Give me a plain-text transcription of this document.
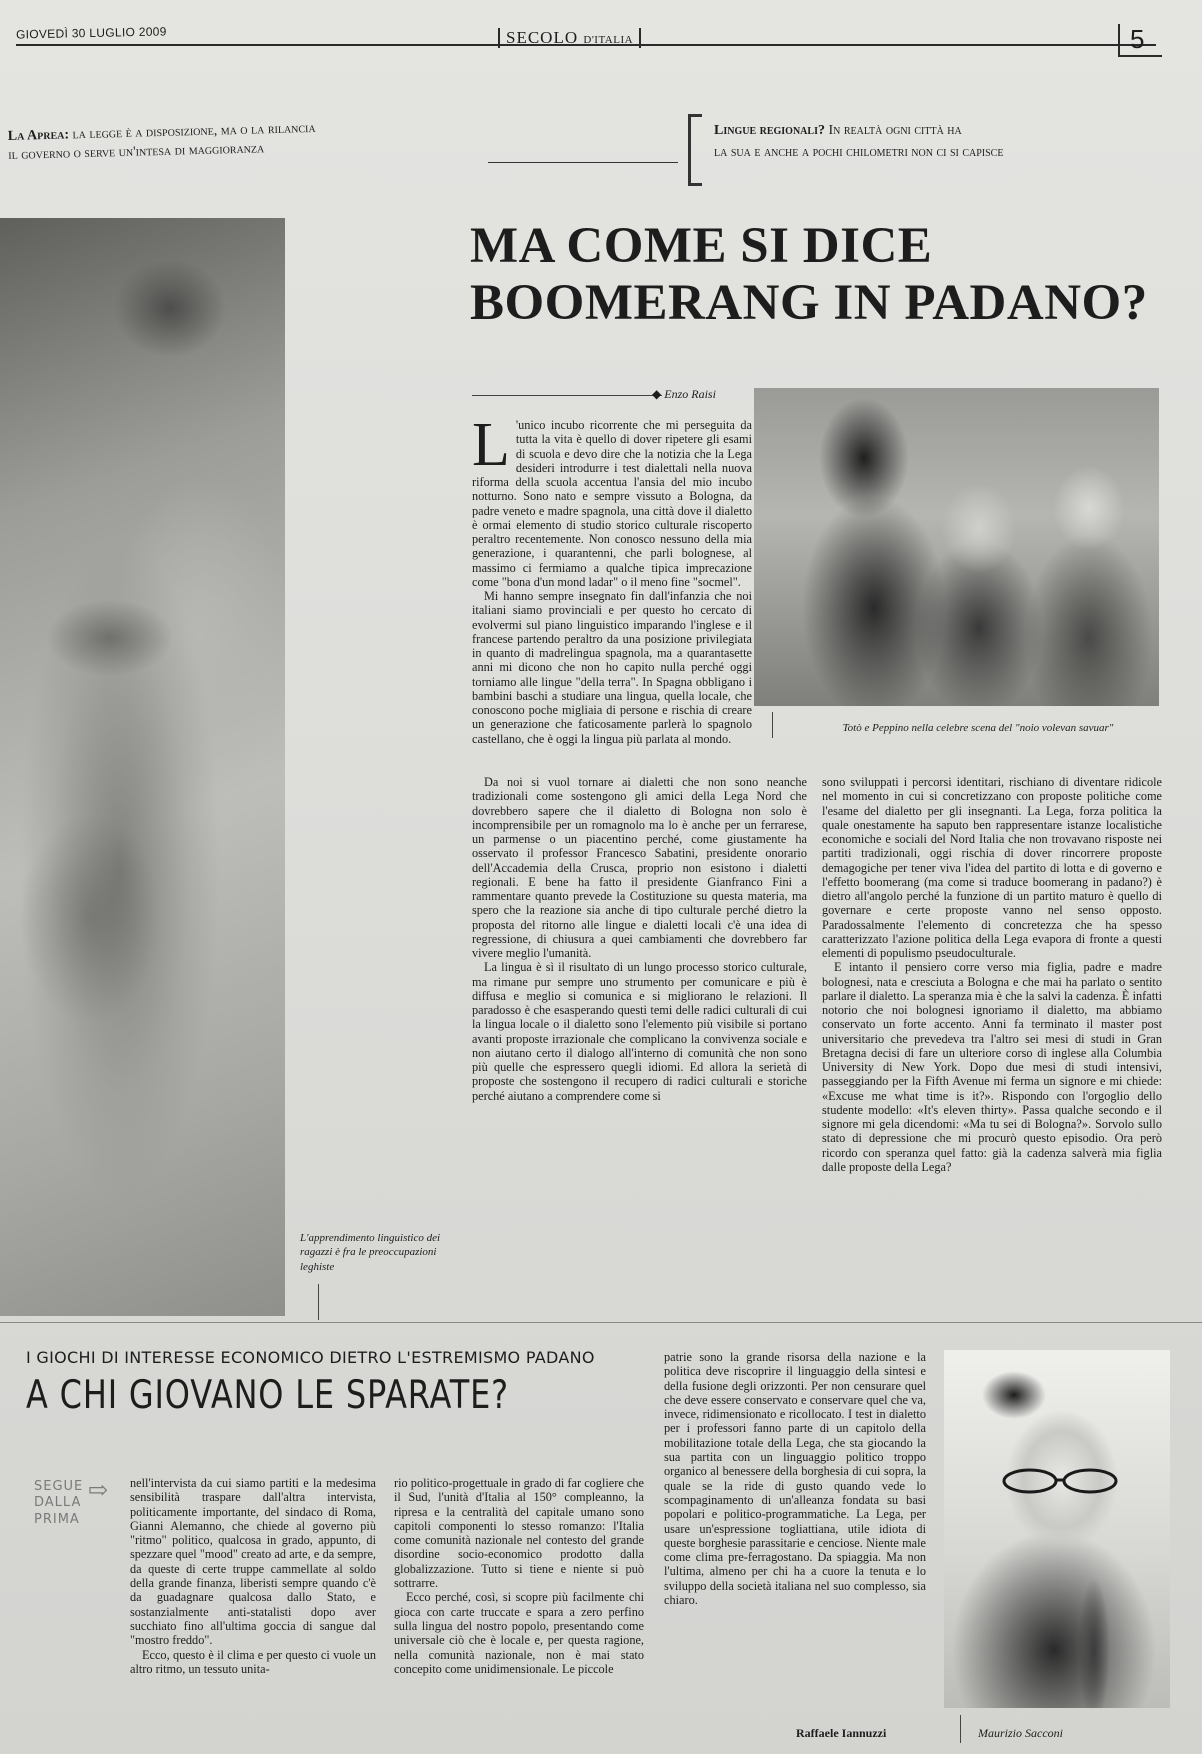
GIOVEDÌ 30 LUGLIO 2009	SECOLO D'ITALIA	5
La Aprea: la legge è a disposizione, ma o la rilancia
il governo o serve un'intesa di maggioranza
Lingue regionali? In realtà ogni città ha
la sua e anche a pochi chilometri non ci si capisce
L'apprendimento linguistico dei ragazzi è fra le preoccupazioni leghiste
MA COME SI DICE
BOOMERANG IN PADANO?
◆ Enzo Raisi

L 'unico incubo ricorrente che mi perseguita da tutta la vita è quello di dover ripetere gli esami di scuola e devo dire che la notizia che la Lega desideri introdurre i test dialettali nella nuova riforma della scuola accentua l'ansia del mio incubo notturno. Sono nato e sempre vissuto a Bologna, da padre veneto e madre spagnola, una città dove il dialetto è ormai elemento di studio storico culturale riscoperto peraltro recentemente. Non conosco nessuno della mia generazione, i quarantenni, che parli bolognese, al massimo ci fermiamo a qualche tipica imprecazione come "bona d'un mond ladar" o il meno fine "socmel".

Mi hanno sempre insegnato fin dall'infanzia che noi italiani siamo provinciali e per questo ho cercato di evolvermi sul piano linguistico imparando l'inglese e il francese partendo peraltro da una posizione privilegiata in quanto di madrelingua spagnola, ma a quarantasette anni mi dicono che non ho capito nulla perché oggi torniamo alle lingue "della terra". In Spagna obbligano i bambini baschi a studiare una lingua, quella locale, che conoscono poche migliaia di persone e rischia di creare un generazione che faticosamente parlerà lo spagnolo castellano, che è oggi la lingua più parlata al mondo.

Totò e Peppino nella celebre scena del "noio volevan savuar"

Da noi si vuol tornare ai dialetti che non sono neanche tradizionali come sostengono gli amici della Lega Nord che dovrebbero sapere che il dialetto di Bologna non solo è incomprensibile per un romagnolo ma lo è anche per un ferrarese, un parmense o un piacentino perché, come giustamente ha osservato il professor Francesco Sabatini, presidente onorario dell'Accademia della Crusca, proprio non esistono i dialetti regionali. E bene ha fatto il presidente Gianfranco Fini a rammentare quanto prevede la Costituzione su questa materia, ma spero che la reazione sia anche di tipo culturale perché dietro la proposta del ritorno alle lingue e dialetti locali c'è una idea di regressione, di chiusura a quei cambiamenti che dovrebbero far vivere meglio l'umanità.

La lingua è sì il risultato di un lungo processo storico culturale, ma rimane pur sempre uno strumento per comunicare e più è diffusa e meglio si comunica e si migliorano le relazioni. Il paradosso è che esasperando questi temi delle radici culturali di cui la lingua locale o il dialetto sono l'elemento più visibile si portano avanti proposte irrazionale che complicano la convivenza sociale e non aiutano certo il dialogo all'interno di comunità che non sono più quelle che espressero quegli idiomi. Ed allora la serietà di proposte che sostengono il recupero di radici culturali e storiche perché aiutano a comprendere come si

sono sviluppati i percorsi identitari, rischiano di diventare ridicole nel momento in cui si concretizzano con proposte politiche come l'esame del dialetto per gli insegnanti. La Lega, forza politica la quale onestamente ha saputo ben rappresentare istanze localistiche economiche e sociali del Nord Italia che non trovavano risposte nei partiti tradizionali, oggi rischia di dover rincorrere proposte demagogiche per tener viva l'idea del partito di lotta e di governo e l'effetto boomerang (ma come si traduce boomerang in padano?) è dietro all'angolo perché la funzione di un partito maturo è quello di governare e certe proposte vanno nel senso opposto. Paradossalmente l'elemento di concretezza che ha spesso caratterizzato l'azione politica della Lega evapora di fronte a questi elementi di populismo pseudoculturale.

E intanto il pensiero corre verso mia figlia, padre e madre bolognesi, nata e cresciuta a Bologna e che mai ha parlato o sentito parlare il dialetto. La speranza mia è che la salvi la cadenza. È infatti notorio che noi bolognesi ignoriamo il dialetto, ma abbiamo conservato un forte accento. Anni fa terminato il master post universitario che prevedeva tra l'altro sei mesi di studi in Gran Bretagna decisi di fare un ulteriore corso di inglese alla Columbia University di New York. Dopo due mesi di studi intensivi, passeggiando per la Fifth Avenue mi ferma un signore e mi chiede: «Excuse me what time is it?». Rispondo con l'orgoglio dello studente modello: «It's eleven thirty». Passa qualche secondo e il signore mi gela dicendomi: «Ma tu sei di Bologna?». Sorvolo sullo stato di depressione che mi procurò questo episodio. Ora però ricordo con speranza quel fatto: già la cadenza salverà mia figlia dalle proposte della Lega?

I GIOCHI DI INTERESSE ECONOMICO DIETRO L'ESTREMISMO PADANO
A CHI GIOVANO LE SPARATE?
SEGUE
DALLA
PRIMA
⇨ nell'intervista da cui siamo partiti e la medesima sensibilità traspare dall'altra intervista, politicamente importante, del sindaco di Roma, Gianni Alemanno, che chiede al governo più "ritmo" politico, qualcosa in grado, appunto, di spezzare quel "mood" creato ad arte, e da sempre, da queste di certe truppe cammellate al soldo della grande finanza, liberisti sempre quando c'è da guadagnare qualcosa dallo Stato, e sostanzialmente anti-statalisti dopo aver succhiato fino all'ultima goccia di sangue dal "mostro freddo".

Ecco, questo è il clima e per questo ci vuole un altro ritmo, un tessuto unita-

rio politico-progettuale in grado di far cogliere che il Sud, l'unità d'Italia al 150° compleanno, la ripresa e la centralità del capitale umano sono capitoli componenti lo stesso romanzo: l'Italia come comunità nazionale nel contesto del grande disordine socio-economico prodotto dalla globalizzazione. Tutto si tiene e niente si può sottrarre.

Ecco perché, così, si scopre più facilmente chi gioca con carte truccate e spara a zero perfino sulla lingua del nostro popolo, presentando come universale ciò che è locale e, per questa ragione, nella comunità nazionale, non è mai stato concepito come unidimensionale. Le piccole

patrie sono la grande risorsa della nazione e la politica deve riscoprire il linguaggio della sintesi e della fusione degli orizzonti. Per non censurare quel che deve essere conservato e conservare quel che va, invece, ridimensionato e ricollocato. I test in dialetto per i professori fanno parte di un capitolo della mobilitazione totale della Lega, che sta giocando la sua partita con un linguaggio politico troppo organico al benessere della borghesia di cui sopra, la quale se la ride di gusto quando vede lo scompaginamento di un'alleanza fondata su basi popolari e politico-programmatiche. La Lega, per usare un'espressione togliattiana, utile idiota di queste borghesie parassitarie e cenciose. Niente male come clima pre-ferragostano. Da spiaggia. Ma non l'ultima, almeno per chi ha a cuore la tenuta e lo sviluppo della società italiana nel suo complesso, sia chiaro.

Raffaele Iannuzzi	Maurizio Sacconi
